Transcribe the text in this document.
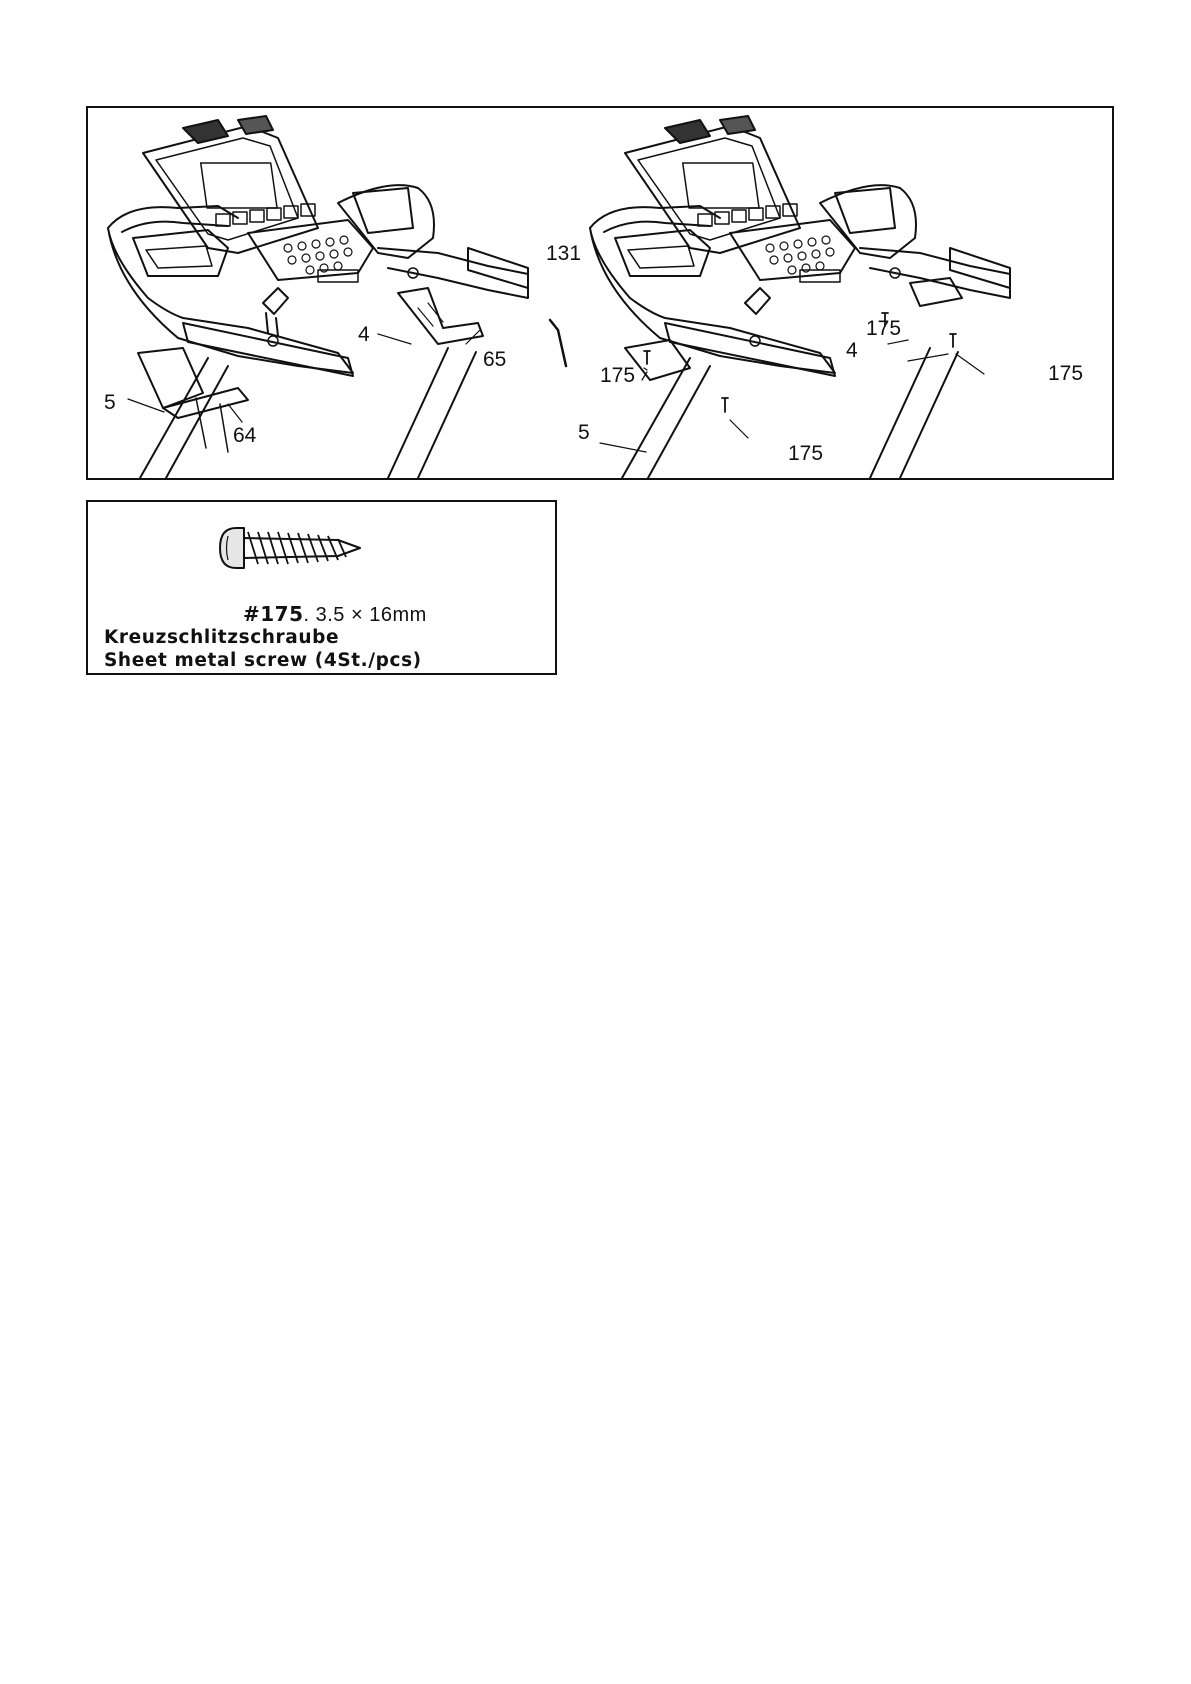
4
65
5
64
131
175
4
175	175
5
175
#175. 3.5 × 16mm
Kreuzschlitzschraube
Sheet metal screw (4St./pcs)
